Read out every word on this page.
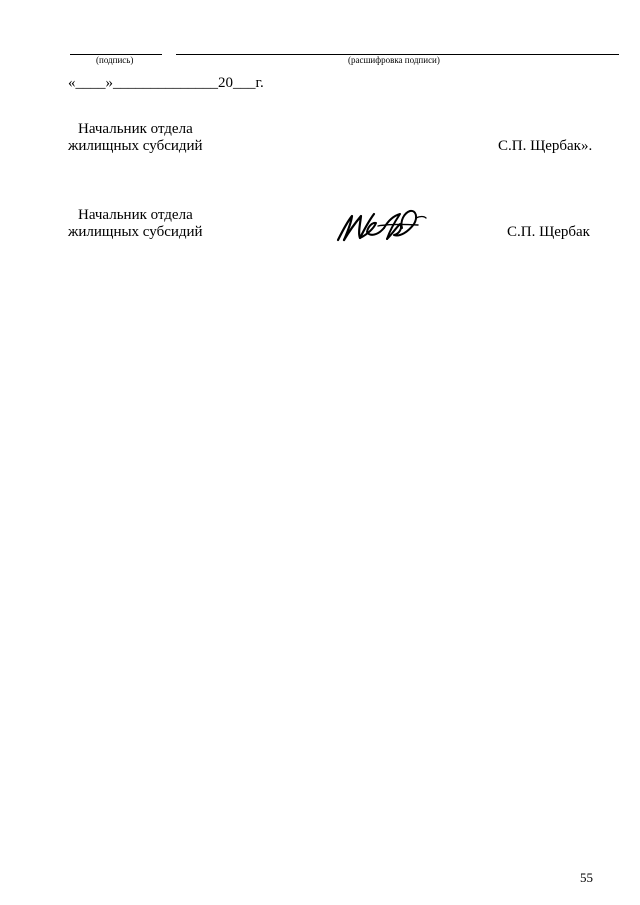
(подпись)	(расшифровка подписи)
«____»______________20___г.
Начальник отдела
жилищных субсидий	С.П. Щербак».
Начальник отдела
жилищных субсидий	С.П. Щербак
55
